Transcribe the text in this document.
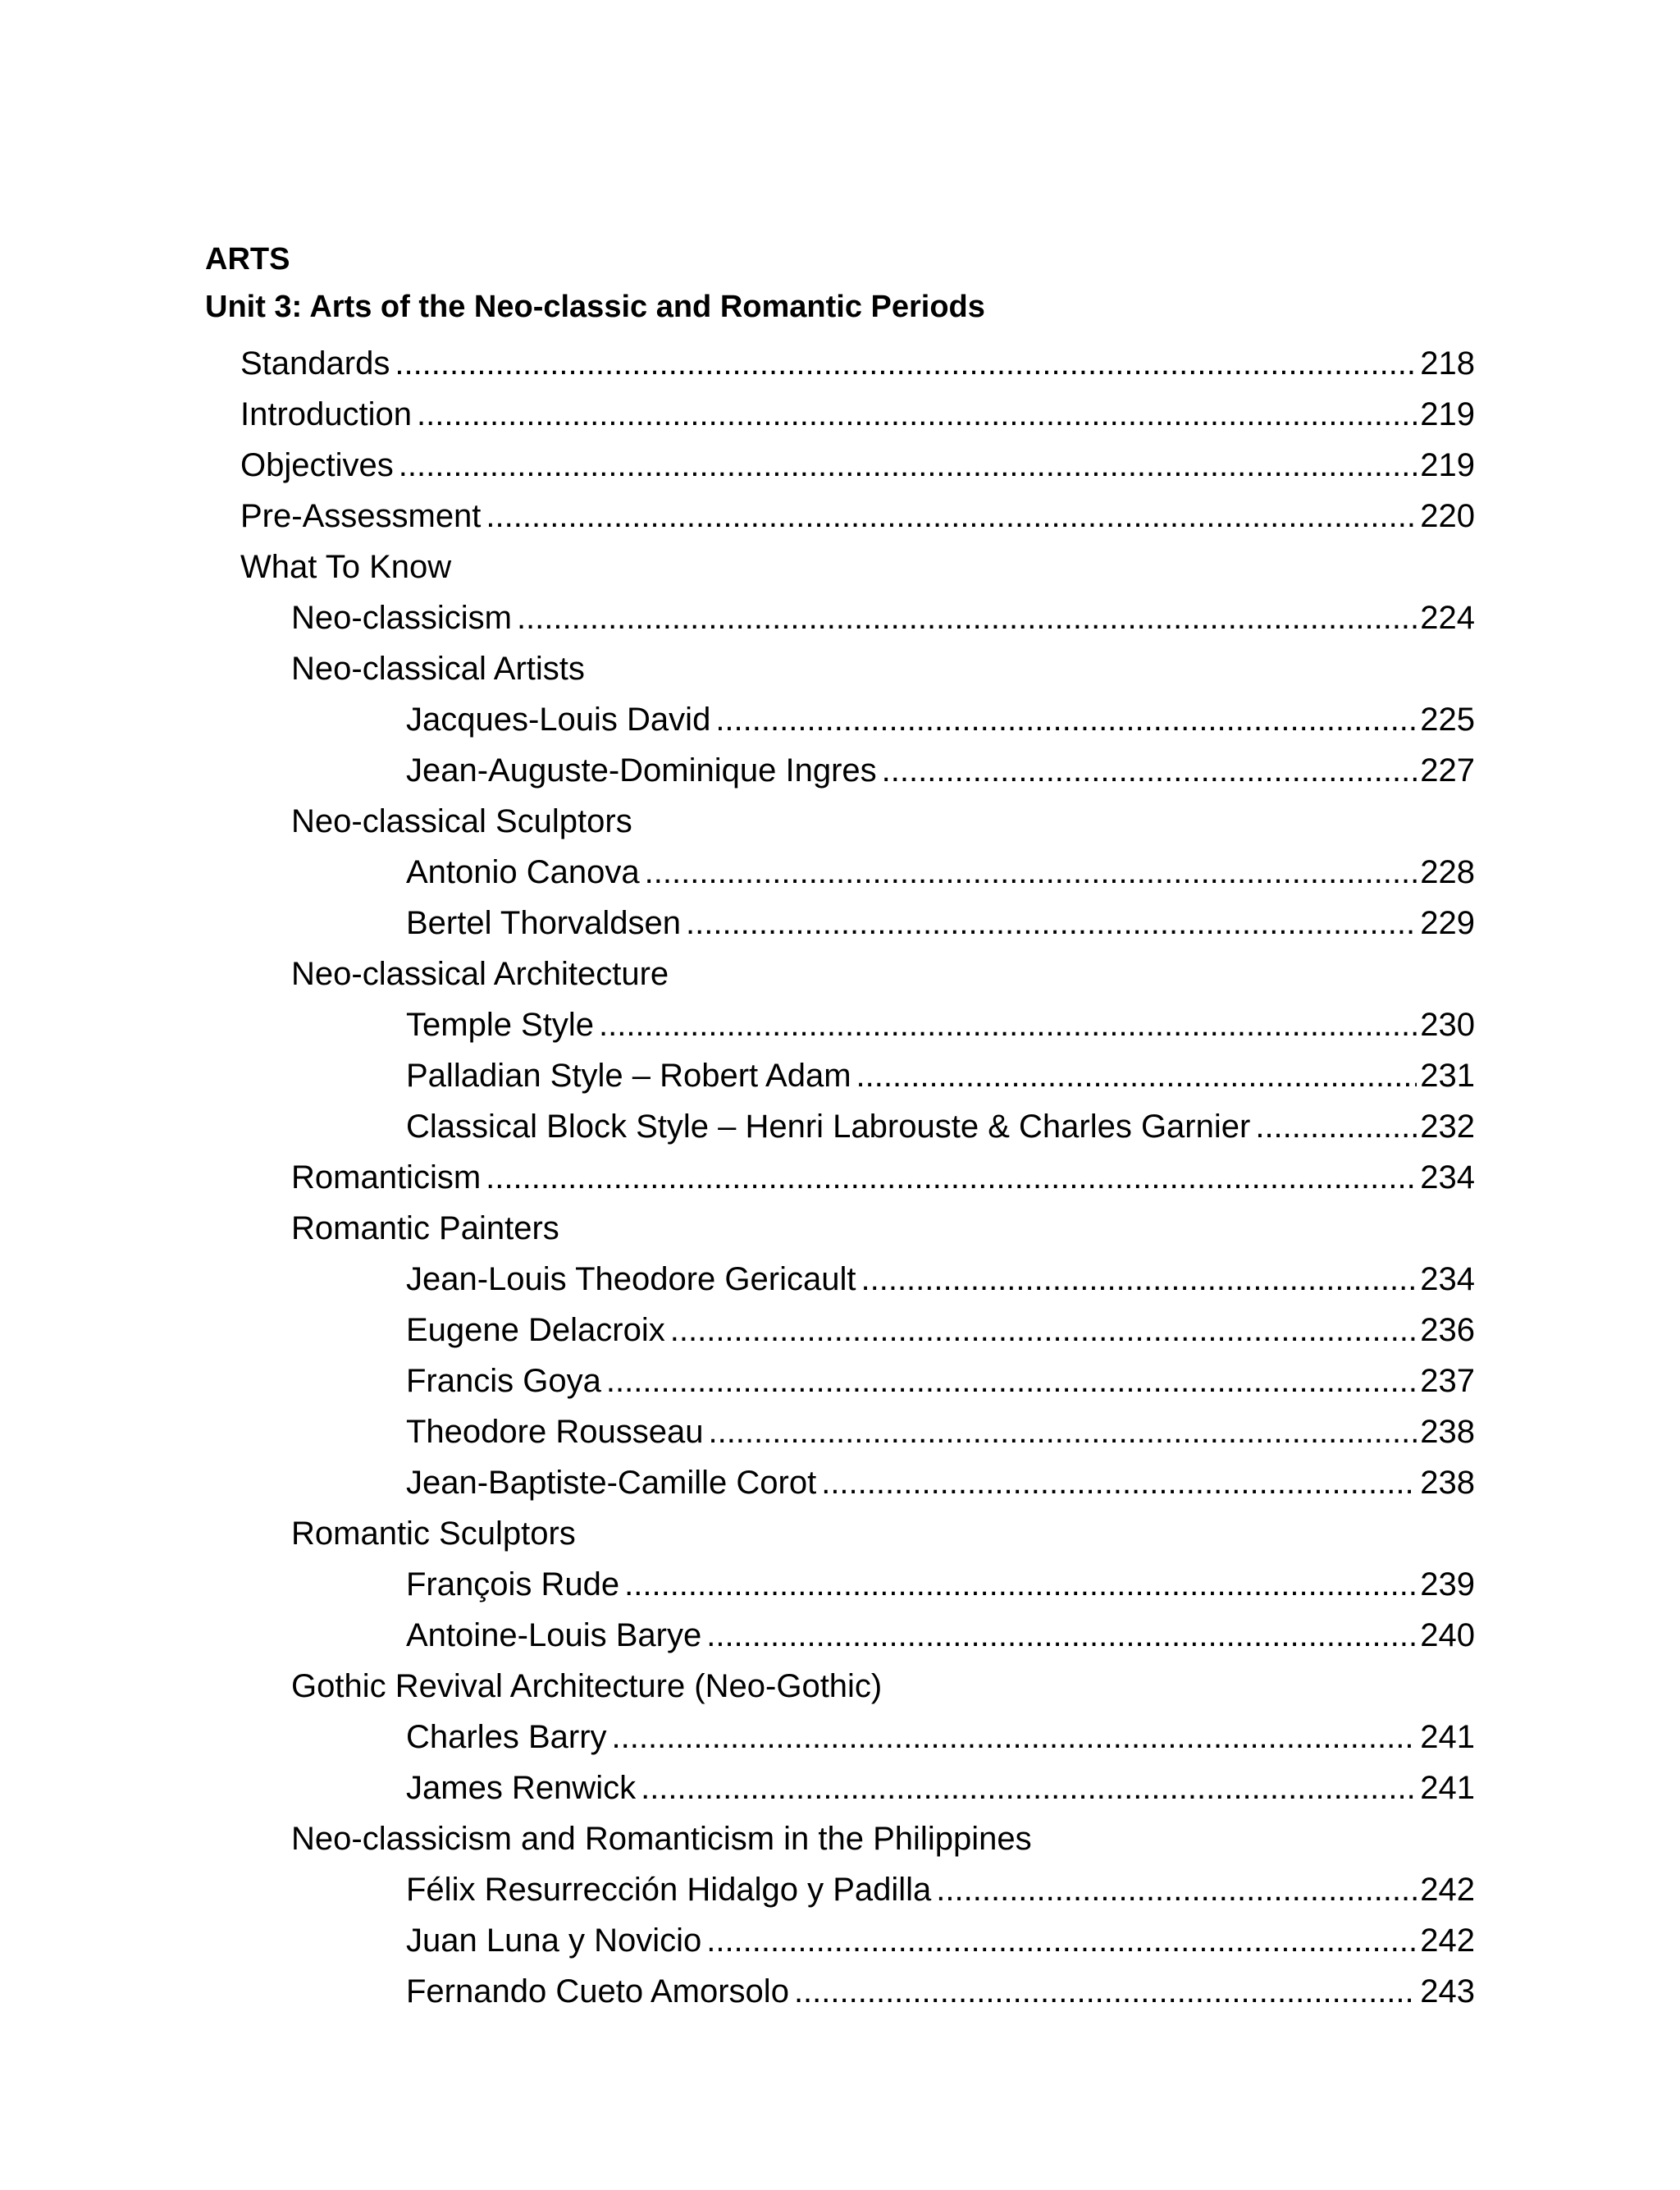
ARTS
Unit 3: Arts of the Neo-classic and Romantic Periods
Standards .....	218
Introduction .....	219
Objectives .....	219
Pre-Assessment .....	220
What To Know
Neo-classicism .....	224
Neo-classical Artists
Jacques-Louis David .....	225
Jean-Auguste-Dominique Ingres .....	227
Neo-classical Sculptors
Antonio Canova .....	228
Bertel Thorvaldsen .....	229
Neo-classical Architecture
Temple Style .....	230
Palladian Style – Robert Adam .....	231
Classical Block Style – Henri Labrouste & Charles Garnier .....	232
Romanticism .....	234
Romantic Painters
Jean-Louis Theodore Gericault .....	234
Eugene Delacroix .....	236
Francis Goya .....	237
Theodore Rousseau .....	238
Jean-Baptiste-Camille Corot .....	238
Romantic Sculptors
François Rude .....	239
Antoine-Louis Barye .....	240
Gothic Revival Architecture (Neo-Gothic)
Charles Barry .....	241
James Renwick .....	241
Neo-classicism and Romanticism in the Philippines
Félix Resurrección Hidalgo y Padilla .....	242
Juan Luna y Novicio .....	242
Fernando Cueto Amorsolo .....	243
